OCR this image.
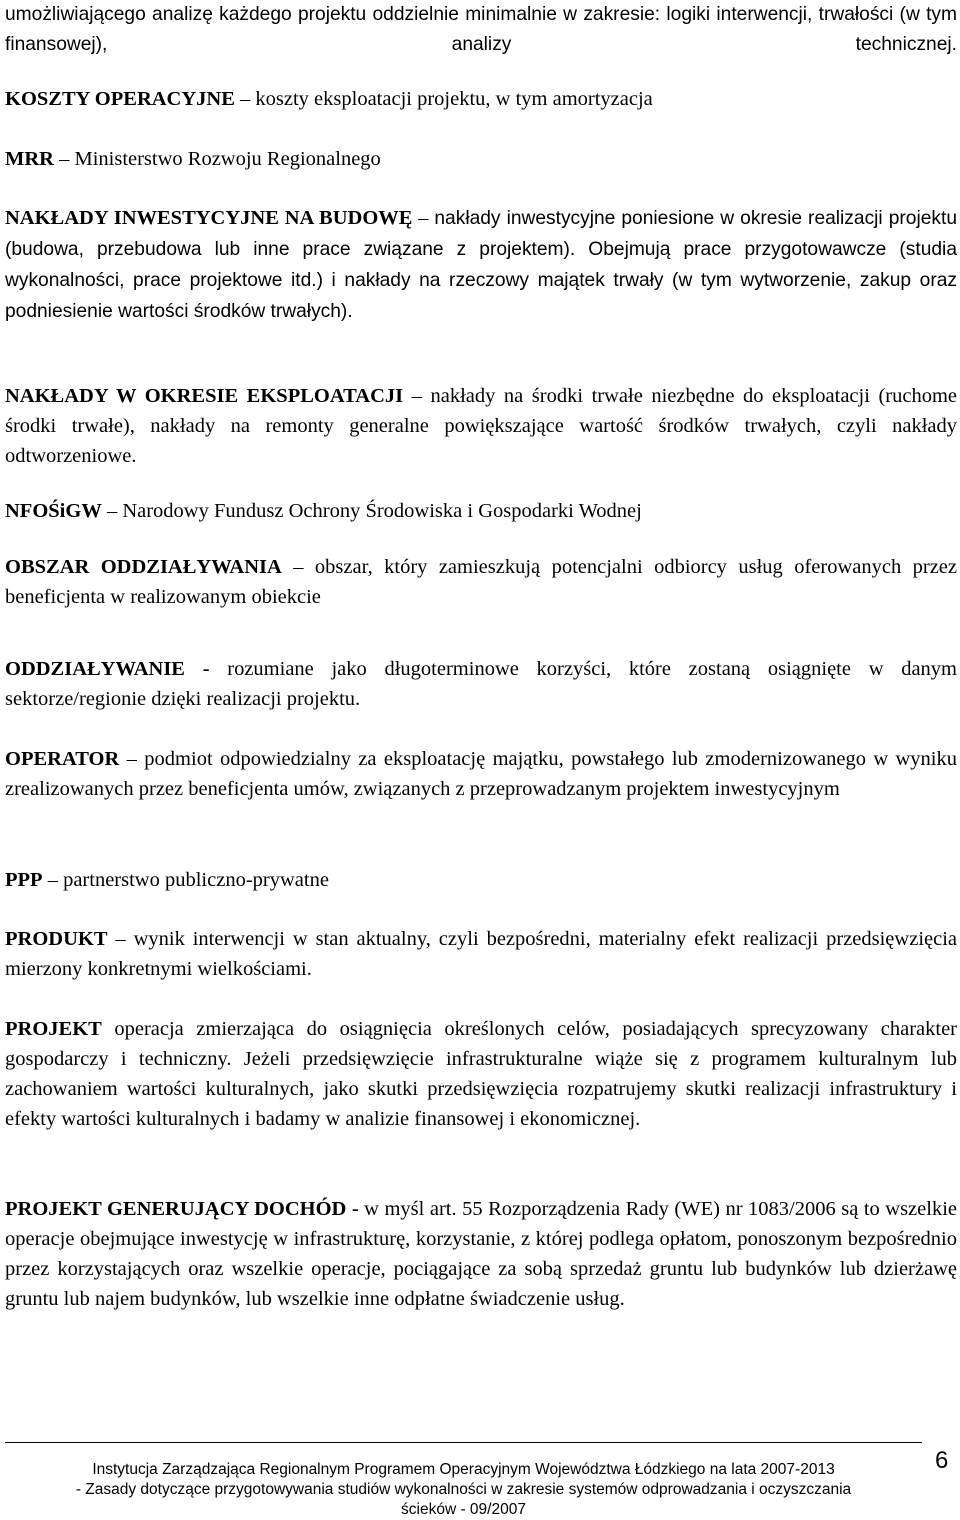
umożliwiającego analizę każdego projektu oddzielnie minimalnie w zakresie: logiki interwencji, trwałości (w tym finansowej), analizy technicznej.

KOSZTY OPERACYJNE – koszty eksploatacji projektu, w tym amortyzacja

MRR – Ministerstwo Rozwoju Regionalnego

NAKŁADY INWESTYCYJNE NA BUDOWĘ – nakłady inwestycyjne poniesione w okresie realizacji projektu (budowa, przebudowa lub inne prace związane z projektem). Obejmują prace przygotowawcze (studia wykonalności, prace projektowe itd.) i nakłady na rzeczowy majątek trwały (w tym wytworzenie, zakup oraz podniesienie wartości środków trwałych).

NAKŁADY W OKRESIE EKSPLOATACJI – nakłady na środki trwałe niezbędne do eksploatacji (ruchome środki trwałe), nakłady na remonty generalne powiększające wartość środków trwałych, czyli nakłady odtworzeniowe.

NFOŚiGW – Narodowy Fundusz Ochrony Środowiska i Gospodarki Wodnej

OBSZAR ODDZIAŁYWANIA – obszar, który zamieszkują potencjalni odbiorcy usług oferowanych przez beneficjenta w realizowanym obiekcie

ODDZIAŁYWANIE - rozumiane jako długoterminowe korzyści, które zostaną osiągnięte w danym sektorze/regionie dzięki realizacji projektu.

OPERATOR – podmiot odpowiedzialny za eksploatację majątku, powstałego lub zmodernizowanego w wyniku zrealizowanych przez beneficjenta umów, związanych z przeprowadzanym projektem inwestycyjnym

PPP – partnerstwo publiczno-prywatne

PRODUKT – wynik interwencji w stan aktualny, czyli bezpośredni, materialny efekt realizacji przedsięwzięcia mierzony konkretnymi wielkościami.

PROJEKT operacja zmierzająca do osiągnięcia określonych celów, posiadających sprecyzowany charakter gospodarczy i techniczny. Jeżeli przedsięwzięcie infrastrukturalne wiąże się z programem kulturalnym lub zachowaniem wartości kulturalnych, jako skutki przedsięwzięcia rozpatrujemy skutki realizacji infrastruktury i efekty wartości kulturalnych i badamy w analizie finansowej i ekonomicznej.

PROJEKT GENERUJĄCY DOCHÓD - w myśl art. 55 Rozporządzenia Rady (WE) nr 1083/2006 są to wszelkie operacje obejmujące inwestycję w infrastrukturę, korzystanie, z której podlega opłatom, ponoszonym bezpośrednio przez korzystających oraz wszelkie operacje, pociągające za sobą sprzedaż gruntu lub budynków lub dzierżawę gruntu lub najem budynków, lub wszelkie inne odpłatne świadczenie usług.

Instytucja Zarządzająca Regionalnym Programem Operacyjnym Województwa Łódzkiego na lata 2007-2013
- Zasady dotyczące przygotowywania studiów wykonalności w zakresie systemów odprowadzania i oczyszczania
ścieków - 09/2007
6
